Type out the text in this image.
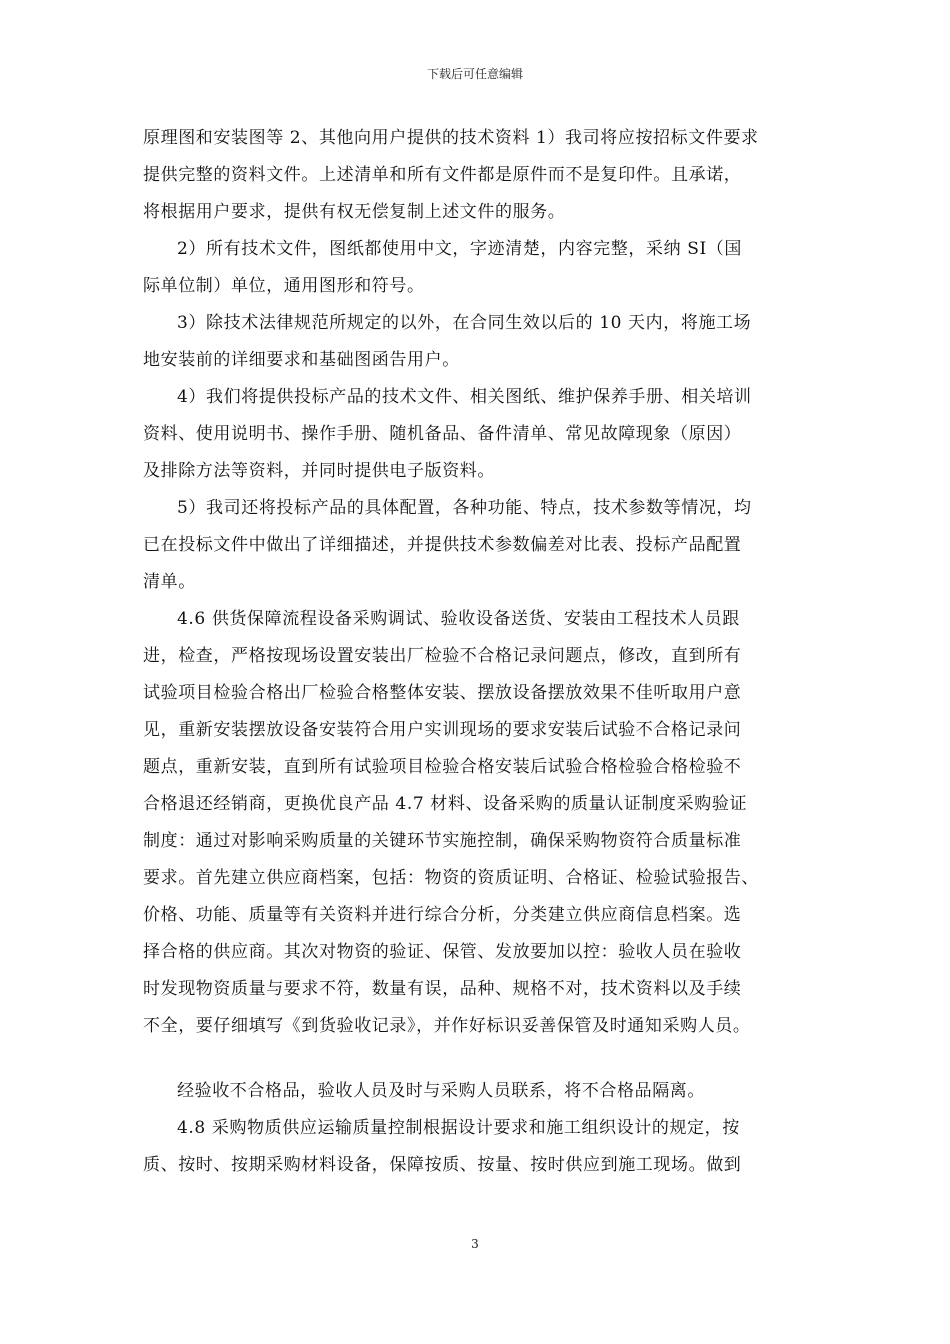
下载后可任意编辑
原理图和安装图等 2、其他向用户提供的技术资料 1）我司将应按招标文件要求
提供完整的资料文件。上述清单和所有文件都是原件而不是复印件。且承诺，
将根据用户要求，提供有权无偿复制上述文件的服务。
2）所有技术文件，图纸都使用中文，字迹清楚，内容完整，采纳 SI（国
际单位制）单位，通用图形和符号。
3）除技术法律规范所规定的以外，在合同生效以后的 10 天内，将施工场
地安装前的详细要求和基础图函告用户。
4）我们将提供投标产品的技术文件、相关图纸、维护保养手册、相关培训
资料、使用说明书、操作手册、随机备品、备件清单、常见故障现象（原因）
及排除方法等资料，并同时提供电子版资料。
5）我司还将投标产品的具体配置，各种功能、特点，技术参数等情况，均
已在投标文件中做出了详细描述，并提供技术参数偏差对比表、投标产品配置
清单。
4.6 供货保障流程设备采购调试、验收设备送货、安装由工程技术人员跟
进，检查，严格按现场设置安装出厂检验不合格记录问题点，修改，直到所有
试验项目检验合格出厂检验合格整体安装、摆放设备摆放效果不佳听取用户意
见，重新安装摆放设备安装符合用户实训现场的要求安装后试验不合格记录问
题点，重新安装，直到所有试验项目检验合格安装后试验合格检验合格检验不
合格退还经销商，更换优良产品 4.7 材料、设备采购的质量认证制度采购验证
制度：通过对影响采购质量的关键环节实施控制，确保采购物资符合质量标准
要求。首先建立供应商档案，包括：物资的资质证明、合格证、检验试验报告、
价格、功能、质量等有关资料并进行综合分析，分类建立供应商信息档案。选
择合格的供应商。其次对物资的验证、保管、发放要加以控：验收人员在验收
时发现物资质量与要求不符，数量有误，品种、规格不对，技术资料以及手续
不全，要仔细填写《到货验收记录》，并作好标识妥善保管及时通知采购人员。
经验收不合格品，验收人员及时与采购人员联系，将不合格品隔离。
4.8 采购物质供应运输质量控制根据设计要求和施工组织设计的规定，按
质、按时、按期采购材料设备，保障按质、按量、按时供应到施工现场。做到
3
